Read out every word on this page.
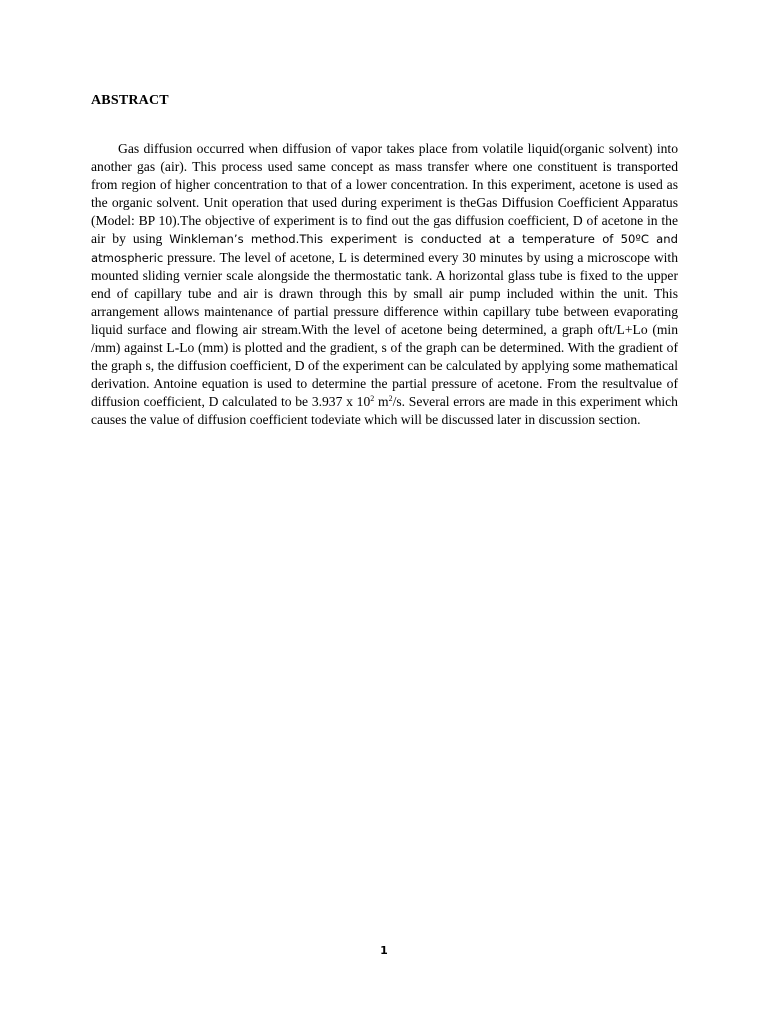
ABSTRACT

Gas diffusion occurred when diffusion of vapor takes place from volatile liquid(organic solvent) into another gas (air). This process used same concept as mass transfer where one constituent is transported from region of higher concentration to that of a lower concentration. In this experiment, acetone is used as the organic solvent. Unit operation that used during experiment is theGas Diffusion Coefficient Apparatus (Model: BP 10).The objective of experiment is to find out the gas diffusion coefficient, D of acetone in the air by using Winkleman’s method.This experiment is conducted at a temperature of 50ºC and atmospheric pressure. The level of acetone, L is determined every 30 minutes by using a microscope with mounted sliding vernier scale alongside the thermostatic tank. A horizontal glass tube is fixed to the upper end of capillary tube and air is drawn through this by small air pump included within the unit. This arrangement allows maintenance of partial pressure difference within capillary tube between evaporating liquid surface and flowing air stream.With the level of acetone being determined, a graph oft/L+Lo (min /mm) against L-Lo (mm) is plotted and the gradient, s of the graph can be determined. With the gradient of the graph s, the diffusion coefficient, D of the experiment can be calculated by applying some mathematical derivation. Antoine equation is used to determine the partial pressure of acetone. From the resultvalue of diffusion coefficient, D calculated to be 3.937 x $10^2$ $m^2/s$. Several errors are made in this experiment which causes the value of diffusion coefficient todeviate which will be discussed later in discussion section.

1
